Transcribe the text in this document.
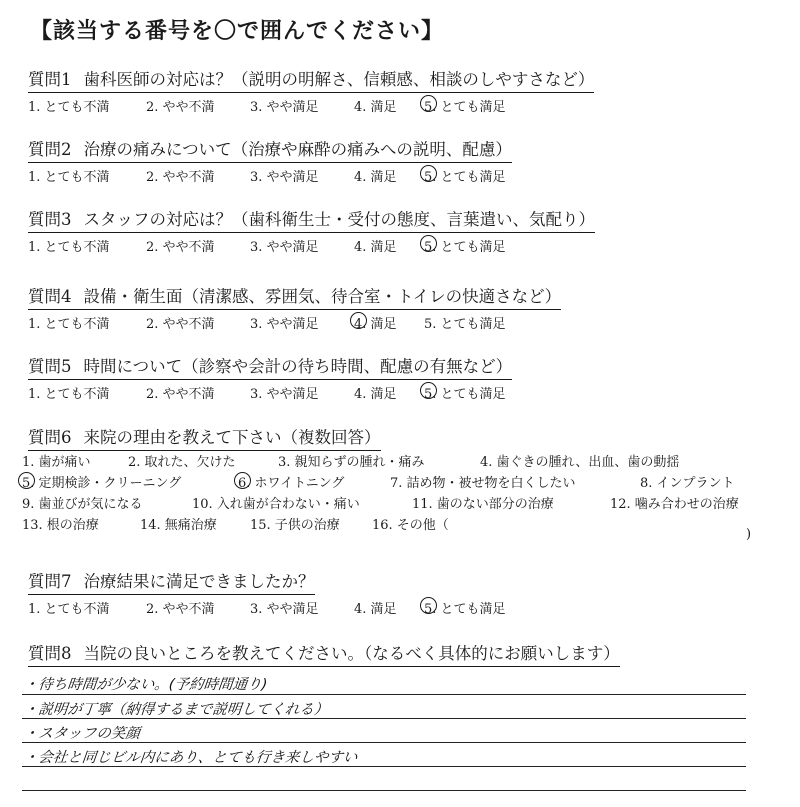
【該当する番号を〇で囲んでください】
質問1 歯科医師の対応は？（説明の明解さ、信頼感、相談のしやすさなど）
1. とても不満	2. やや不満	3. やや満足	4. 満足	5. とても満足
質問2 治療の痛みについて（治療や麻酔の痛みへの説明、配慮）
1. とても不満	2. やや不満	3. やや満足	4. 満足	5. とても満足
質問3 スタッフの対応は？（歯科衛生士・受付の態度、言葉遣い、気配り）
1. とても不満	2. やや不満	3. やや満足	4. 満足	5. とても満足
質問4 設備・衛生面（清潔感、雰囲気、待合室・トイレの快適さなど）
1. とても不満	2. やや不満	3. やや満足	4. 満足	5. とても満足
質問5 時間について（診察や会計の待ち時間、配慮の有無など）
1. とても不満	2. やや不満	3. やや満足	4. 満足	5. とても満足
質問6 来院の理由を教えて下さい（複数回答）
1. 歯が痛い	2. 取れた、欠けた	3. 親知らずの腫れ・痛み	4. 歯ぐきの腫れ、出血、歯の動揺
5. 定期検診・クリーニング	6. ホワイトニング	7. 詰め物・被せ物を白くしたい	8. インプラント
9. 歯並びが気になる	10. 入れ歯が合わない・痛い	11. 歯のない部分の治療	12. 噛み合わせの治療
13. 根の治療	14. 無痛治療	15. 子供の治療 16. その他（
)
質問7 治療結果に満足できましたか？
1. とても不満	2. やや不満	3. やや満足	4. 満足	5. とても満足
質問8 当院の良いところを教えてください。（なるべく具体的にお願いします）
・待ち時間が少ない。(予約時間通り)
・説明が丁寧（納得するまで説明してくれる）
・スタッフの笑顔
・会社と同じビル内にあり、とても行き来しやすい
